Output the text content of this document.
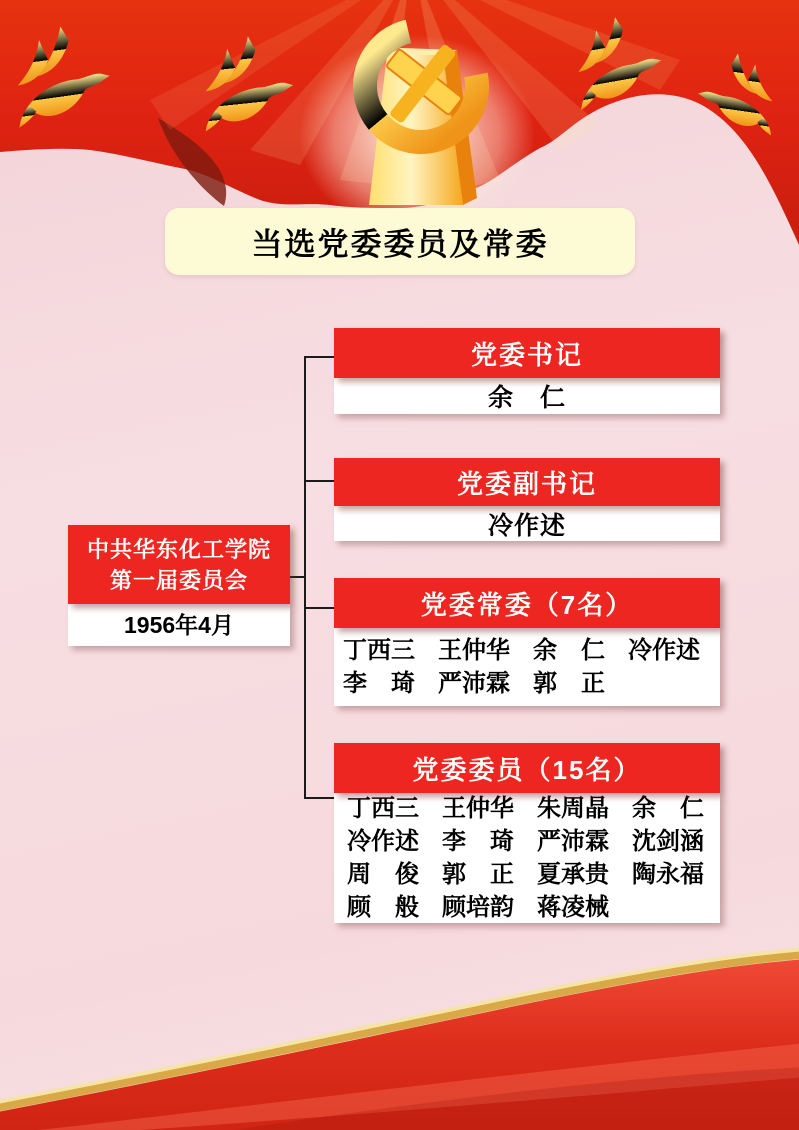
当选党委委员及常委
中共华东化工学院
第一届委员会
1956年4月
党委书记
余　仁
党委副书记
冷作述
党委常委（7名）
丁西三 王仲华 余　仁 冷作述
李　琦 严沛霖 郭　正
党委委员（15名）
丁西三 王仲华 朱周晶 余　仁
冷作述 李　琦 严沛霖 沈剑涵
周　俊 郭　正 夏承贵 陶永福
顾　般 顾培韵 蒋凌械
